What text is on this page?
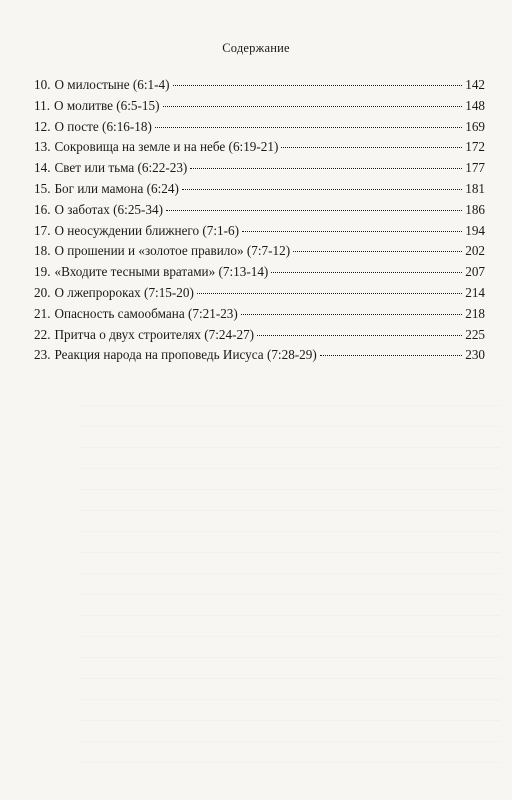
Содержание
10. О милостыне (6:1-4)	142
11. О молитве (6:5-15)	148
12. О посте (6:16-18)	169
13. Сокровища на земле и на небе (6:19-21)	172
14. Свет или тьма (6:22-23)	177
15. Бог или мамона (6:24)	181
16. О заботах (6:25-34)	186
17. О неосуждении ближнего (7:1-6)	194
18. О прошении и «золотое правило» (7:7-12)	202
19. «Входите тесными вратами» (7:13-14)	207
20. О лжепророках (7:15-20)	214
21. Опасность самообмана (7:21-23)	218
22. Притча о двух строителях (7:24-27)	225
23. Реакция народа на проповедь Иисуса (7:28-29)	230
